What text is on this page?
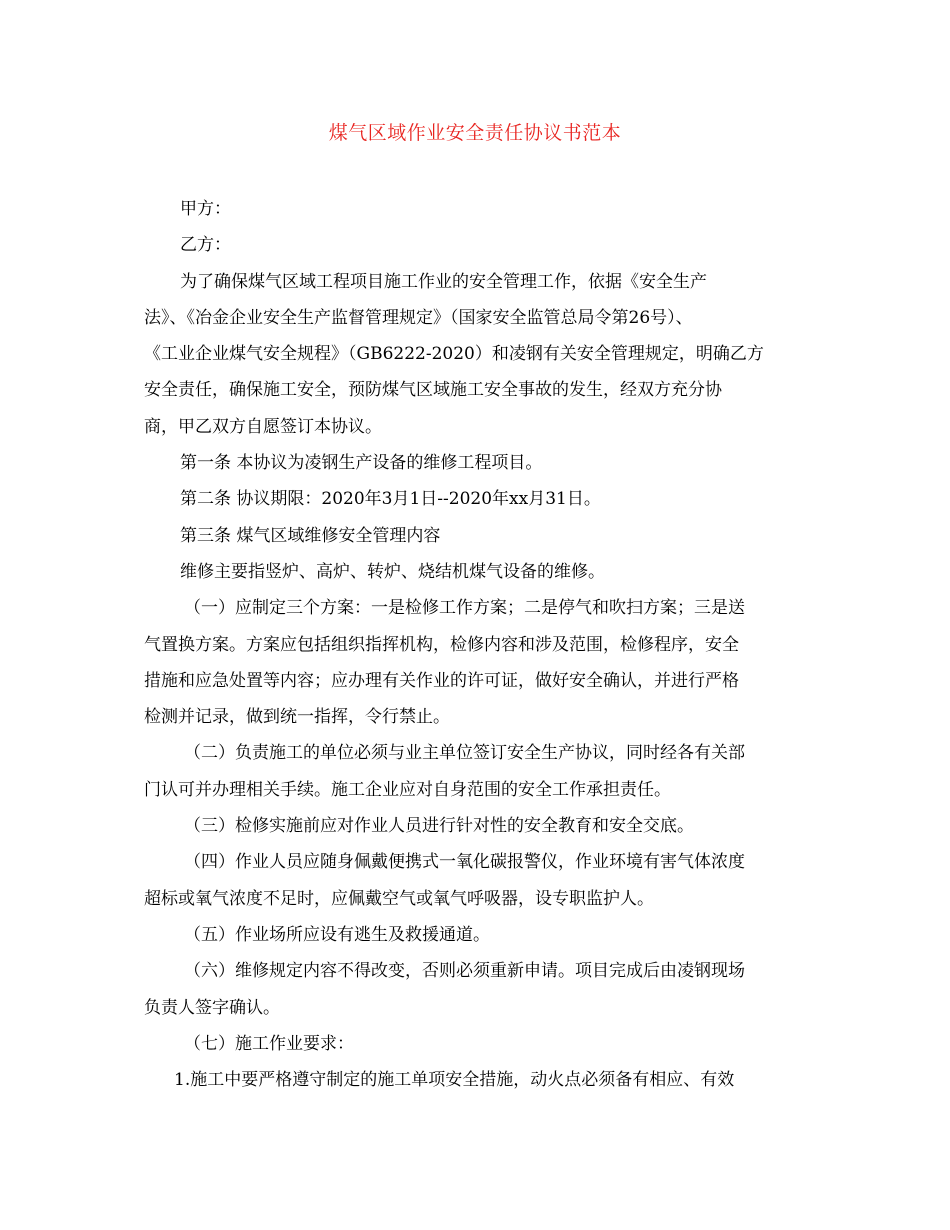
煤气区域作业安全责任协议书范本

甲方：

乙方：

为了确保煤气区域工程项目施工作业的安全管理工作，依据《安全生产

法》、《冶金企业安全生产监督管理规定》（国家安全监管总局令第26号）、

《工业企业煤气安全规程》（GB6222-2020）和凌钢有关安全管理规定，明确乙方

安全责任，确保施工安全，预防煤气区域施工安全事故的发生，经双方充分协

商，甲乙双方自愿签订本协议。

第一条 本协议为凌钢生产设备的维修工程项目。

第二条 协议期限：2020年3月1日--2020年xx月31日。

第三条 煤气区域维修安全管理内容

维修主要指竖炉、高炉、转炉、烧结机煤气设备的维修。

（一）应制定三个方案：一是检修工作方案；二是停气和吹扫方案；三是送

气置换方案。方案应包括组织指挥机构，检修内容和涉及范围，检修程序，安全

措施和应急处置等内容；应办理有关作业的许可证，做好安全确认，并进行严格

检测并记录，做到统一指挥，令行禁止。

（二）负责施工的单位必须与业主单位签订安全生产协议，同时经各有关部

门认可并办理相关手续。施工企业应对自身范围的安全工作承担责任。

（三）检修实施前应对作业人员进行针对性的安全教育和安全交底。

（四）作业人员应随身佩戴便携式一氧化碳报警仪，作业环境有害气体浓度

超标或氧气浓度不足时，应佩戴空气或氧气呼吸器，设专职监护人。

（五）作业场所应设有逃生及救援通道。

（六）维修规定内容不得改变，否则必须重新申请。项目完成后由凌钢现场

负责人签字确认。

（七）施工作业要求：

1.施工中要严格遵守制定的施工单项安全措施，动火点必须备有相应、有效
